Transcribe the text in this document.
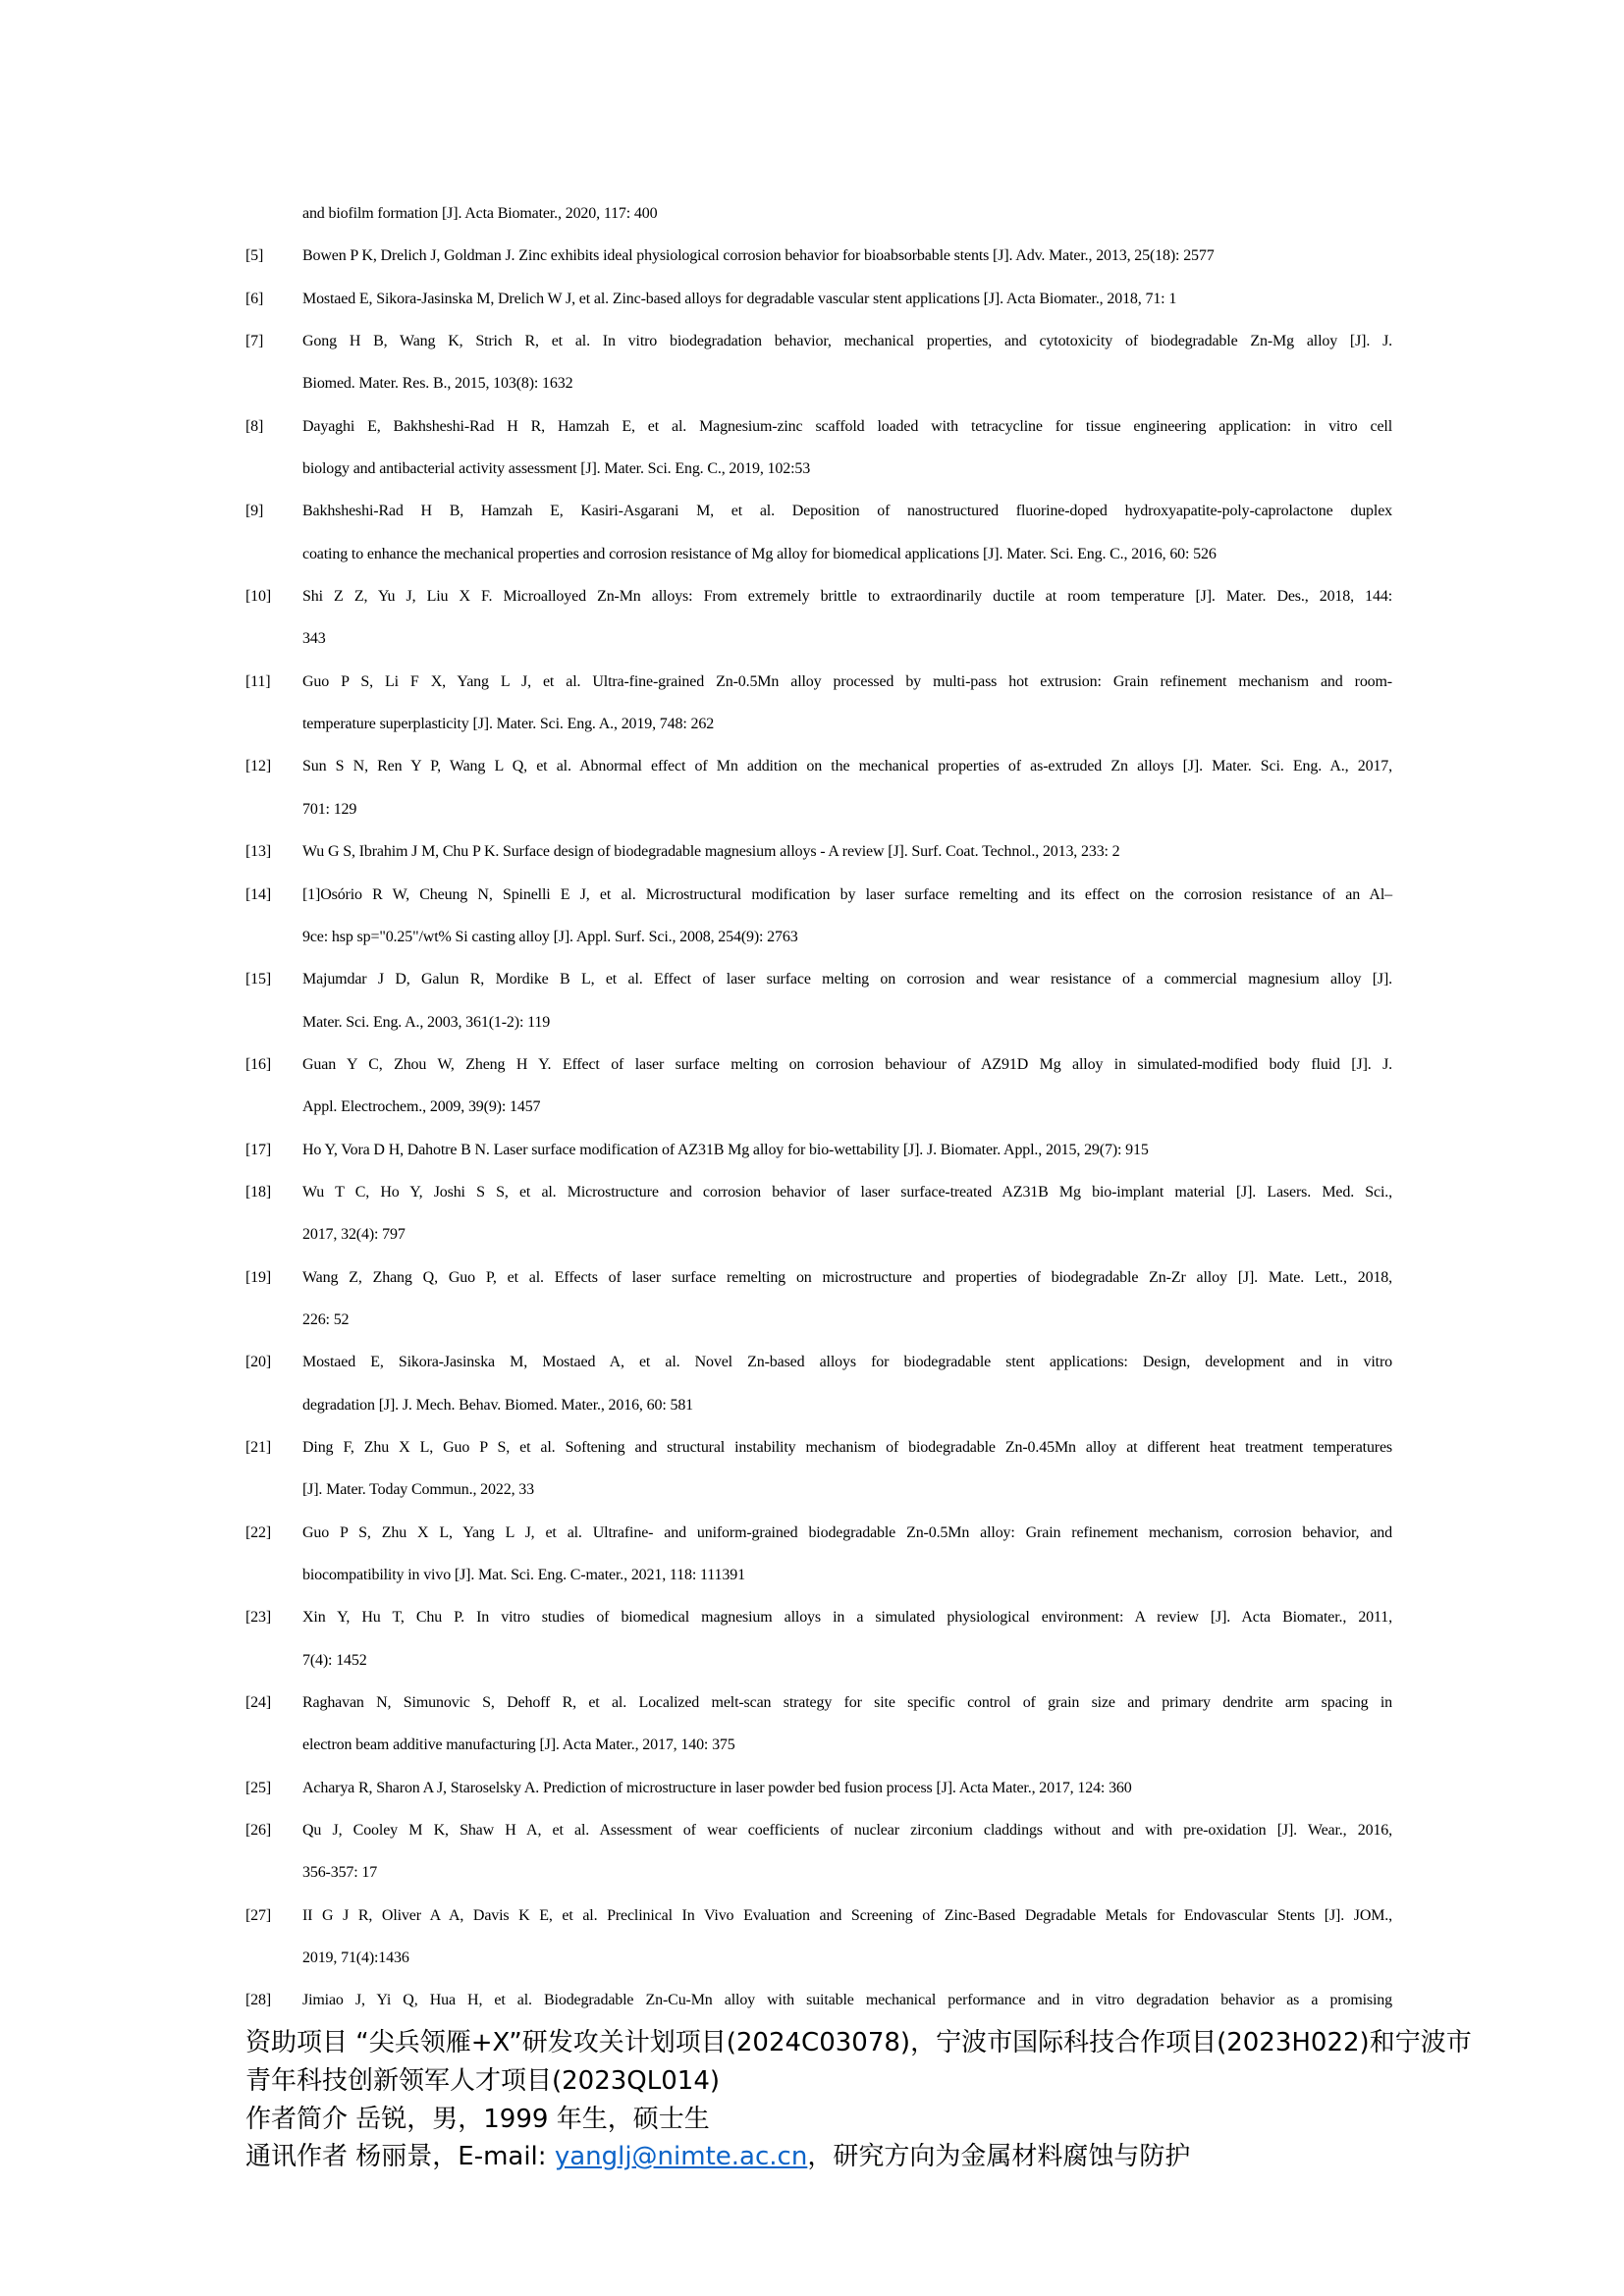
and biofilm formation [J]. Acta Biomater., 2020, 117: 400
[5] Bowen P K, Drelich J, Goldman J. Zinc exhibits ideal physiological corrosion behavior for bioabsorbable stents [J]. Adv. Mater., 2013, 25(18): 2577
[6] Mostaed E, Sikora-Jasinska M, Drelich W J, et al. Zinc-based alloys for degradable vascular stent applications [J]. Acta Biomater., 2018, 71: 1
[7] Gong H B, Wang K, Strich R, et al. In vitro biodegradation behavior, mechanical properties, and cytotoxicity of biodegradable Zn-Mg alloy [J]. J.
Biomed. Mater. Res. B., 2015, 103(8): 1632
[8] Dayaghi E, Bakhsheshi-Rad H R, Hamzah E, et al. Magnesium-zinc scaffold loaded with tetracycline for tissue engineering application: in vitro cell
biology and antibacterial activity assessment [J]. Mater. Sci. Eng. C., 2019, 102:53
[9] Bakhsheshi-Rad H B, Hamzah E, Kasiri-Asgarani M, et al. Deposition of nanostructured fluorine-doped hydroxyapatite-poly-caprolactone duplex
coating to enhance the mechanical properties and corrosion resistance of Mg alloy for biomedical applications [J]. Mater. Sci. Eng. C., 2016, 60: 526
[10] Shi Z Z, Yu J, Liu X F. Microalloyed Zn-Mn alloys: From extremely brittle to extraordinarily ductile at room temperature [J]. Mater. Des., 2018, 144:
343
[11] Guo P S, Li F X, Yang L J, et al. Ultra-fine-grained Zn-0.5Mn alloy processed by multi-pass hot extrusion: Grain refinement mechanism and room-
temperature superplasticity [J]. Mater. Sci. Eng. A., 2019, 748: 262
[12] Sun S N, Ren Y P, Wang L Q, et al. Abnormal effect of Mn addition on the mechanical properties of as-extruded Zn alloys [J]. Mater. Sci. Eng. A., 2017,
701: 129
[13] Wu G S, Ibrahim J M, Chu P K. Surface design of biodegradable magnesium alloys - A review [J]. Surf. Coat. Technol., 2013, 233: 2
[14] [1]Osório R W, Cheung N, Spinelli E J, et al. Microstructural modification by laser surface remelting and its effect on the corrosion resistance of an Al–
9ce: hsp sp="0.25"/wt% Si casting alloy [J]. Appl. Surf. Sci., 2008, 254(9): 2763
[15] Majumdar J D, Galun R, Mordike B L, et al. Effect of laser surface melting on corrosion and wear resistance of a commercial magnesium alloy [J].
Mater. Sci. Eng. A., 2003, 361(1-2): 119
[16] Guan Y C, Zhou W, Zheng H Y. Effect of laser surface melting on corrosion behaviour of AZ91D Mg alloy in simulated-modified body fluid [J]. J.
Appl. Electrochem., 2009, 39(9): 1457
[17] Ho Y, Vora D H, Dahotre B N. Laser surface modification of AZ31B Mg alloy for bio-wettability [J]. J. Biomater. Appl., 2015, 29(7): 915
[18] Wu T C, Ho Y, Joshi S S, et al. Microstructure and corrosion behavior of laser surface-treated AZ31B Mg bio-implant material [J]. Lasers. Med. Sci.,
2017, 32(4): 797
[19] Wang Z, Zhang Q, Guo P, et al. Effects of laser surface remelting on microstructure and properties of biodegradable Zn-Zr alloy [J]. Mate. Lett., 2018,
226: 52
[20] Mostaed E, Sikora-Jasinska M, Mostaed A, et al. Novel Zn-based alloys for biodegradable stent applications: Design, development and in vitro
degradation [J]. J. Mech. Behav. Biomed. Mater., 2016, 60: 581
[21] Ding F, Zhu X L, Guo P S, et al. Softening and structural instability mechanism of biodegradable Zn-0.45Mn alloy at different heat treatment temperatures
[J]. Mater. Today Commun., 2022, 33
[22] Guo P S, Zhu X L, Yang L J, et al. Ultrafine- and uniform-grained biodegradable Zn-0.5Mn alloy: Grain refinement mechanism, corrosion behavior, and
biocompatibility in vivo [J]. Mat. Sci. Eng. C-mater., 2021, 118: 111391
[23] Xin Y, Hu T, Chu P. In vitro studies of biomedical magnesium alloys in a simulated physiological environment: A review [J]. Acta Biomater., 2011,
7(4): 1452
[24] Raghavan N, Simunovic S, Dehoff R, et al. Localized melt-scan strategy for site specific control of grain size and primary dendrite arm spacing in
electron beam additive manufacturing [J]. Acta Mater., 2017, 140: 375
[25] Acharya R, Sharon A J, Staroselsky A. Prediction of microstructure in laser powder bed fusion process [J]. Acta Mater., 2017, 124: 360
[26] Qu J, Cooley M K, Shaw H A, et al. Assessment of wear coefficients of nuclear zirconium claddings without and with pre-oxidation [J]. Wear., 2016,
356-357: 17
[27] II G J R, Oliver A A, Davis K E, et al. Preclinical In Vivo Evaluation and Screening of Zinc-Based Degradable Metals for Endovascular Stents [J]. JOM.,
2019, 71(4):1436
[28] Jimiao J, Yi Q, Hua H, et al. Biodegradable Zn-Cu-Mn alloy with suitable mechanical performance and in vitro degradation behavior as a promising
资助项目 “尖兵领雁+X”研发攻关计划项目(2024C03078)，宁波市国际科技合作项目(2023H022)和宁波市
青年科技创新领军人才项目(2023QL014)
作者简介 岳锐，男，1999 年生，硕士生
通讯作者 杨丽景，E-mail: yanglj@nimte.ac.cn，研究方向为金属材料腐蚀与防护
